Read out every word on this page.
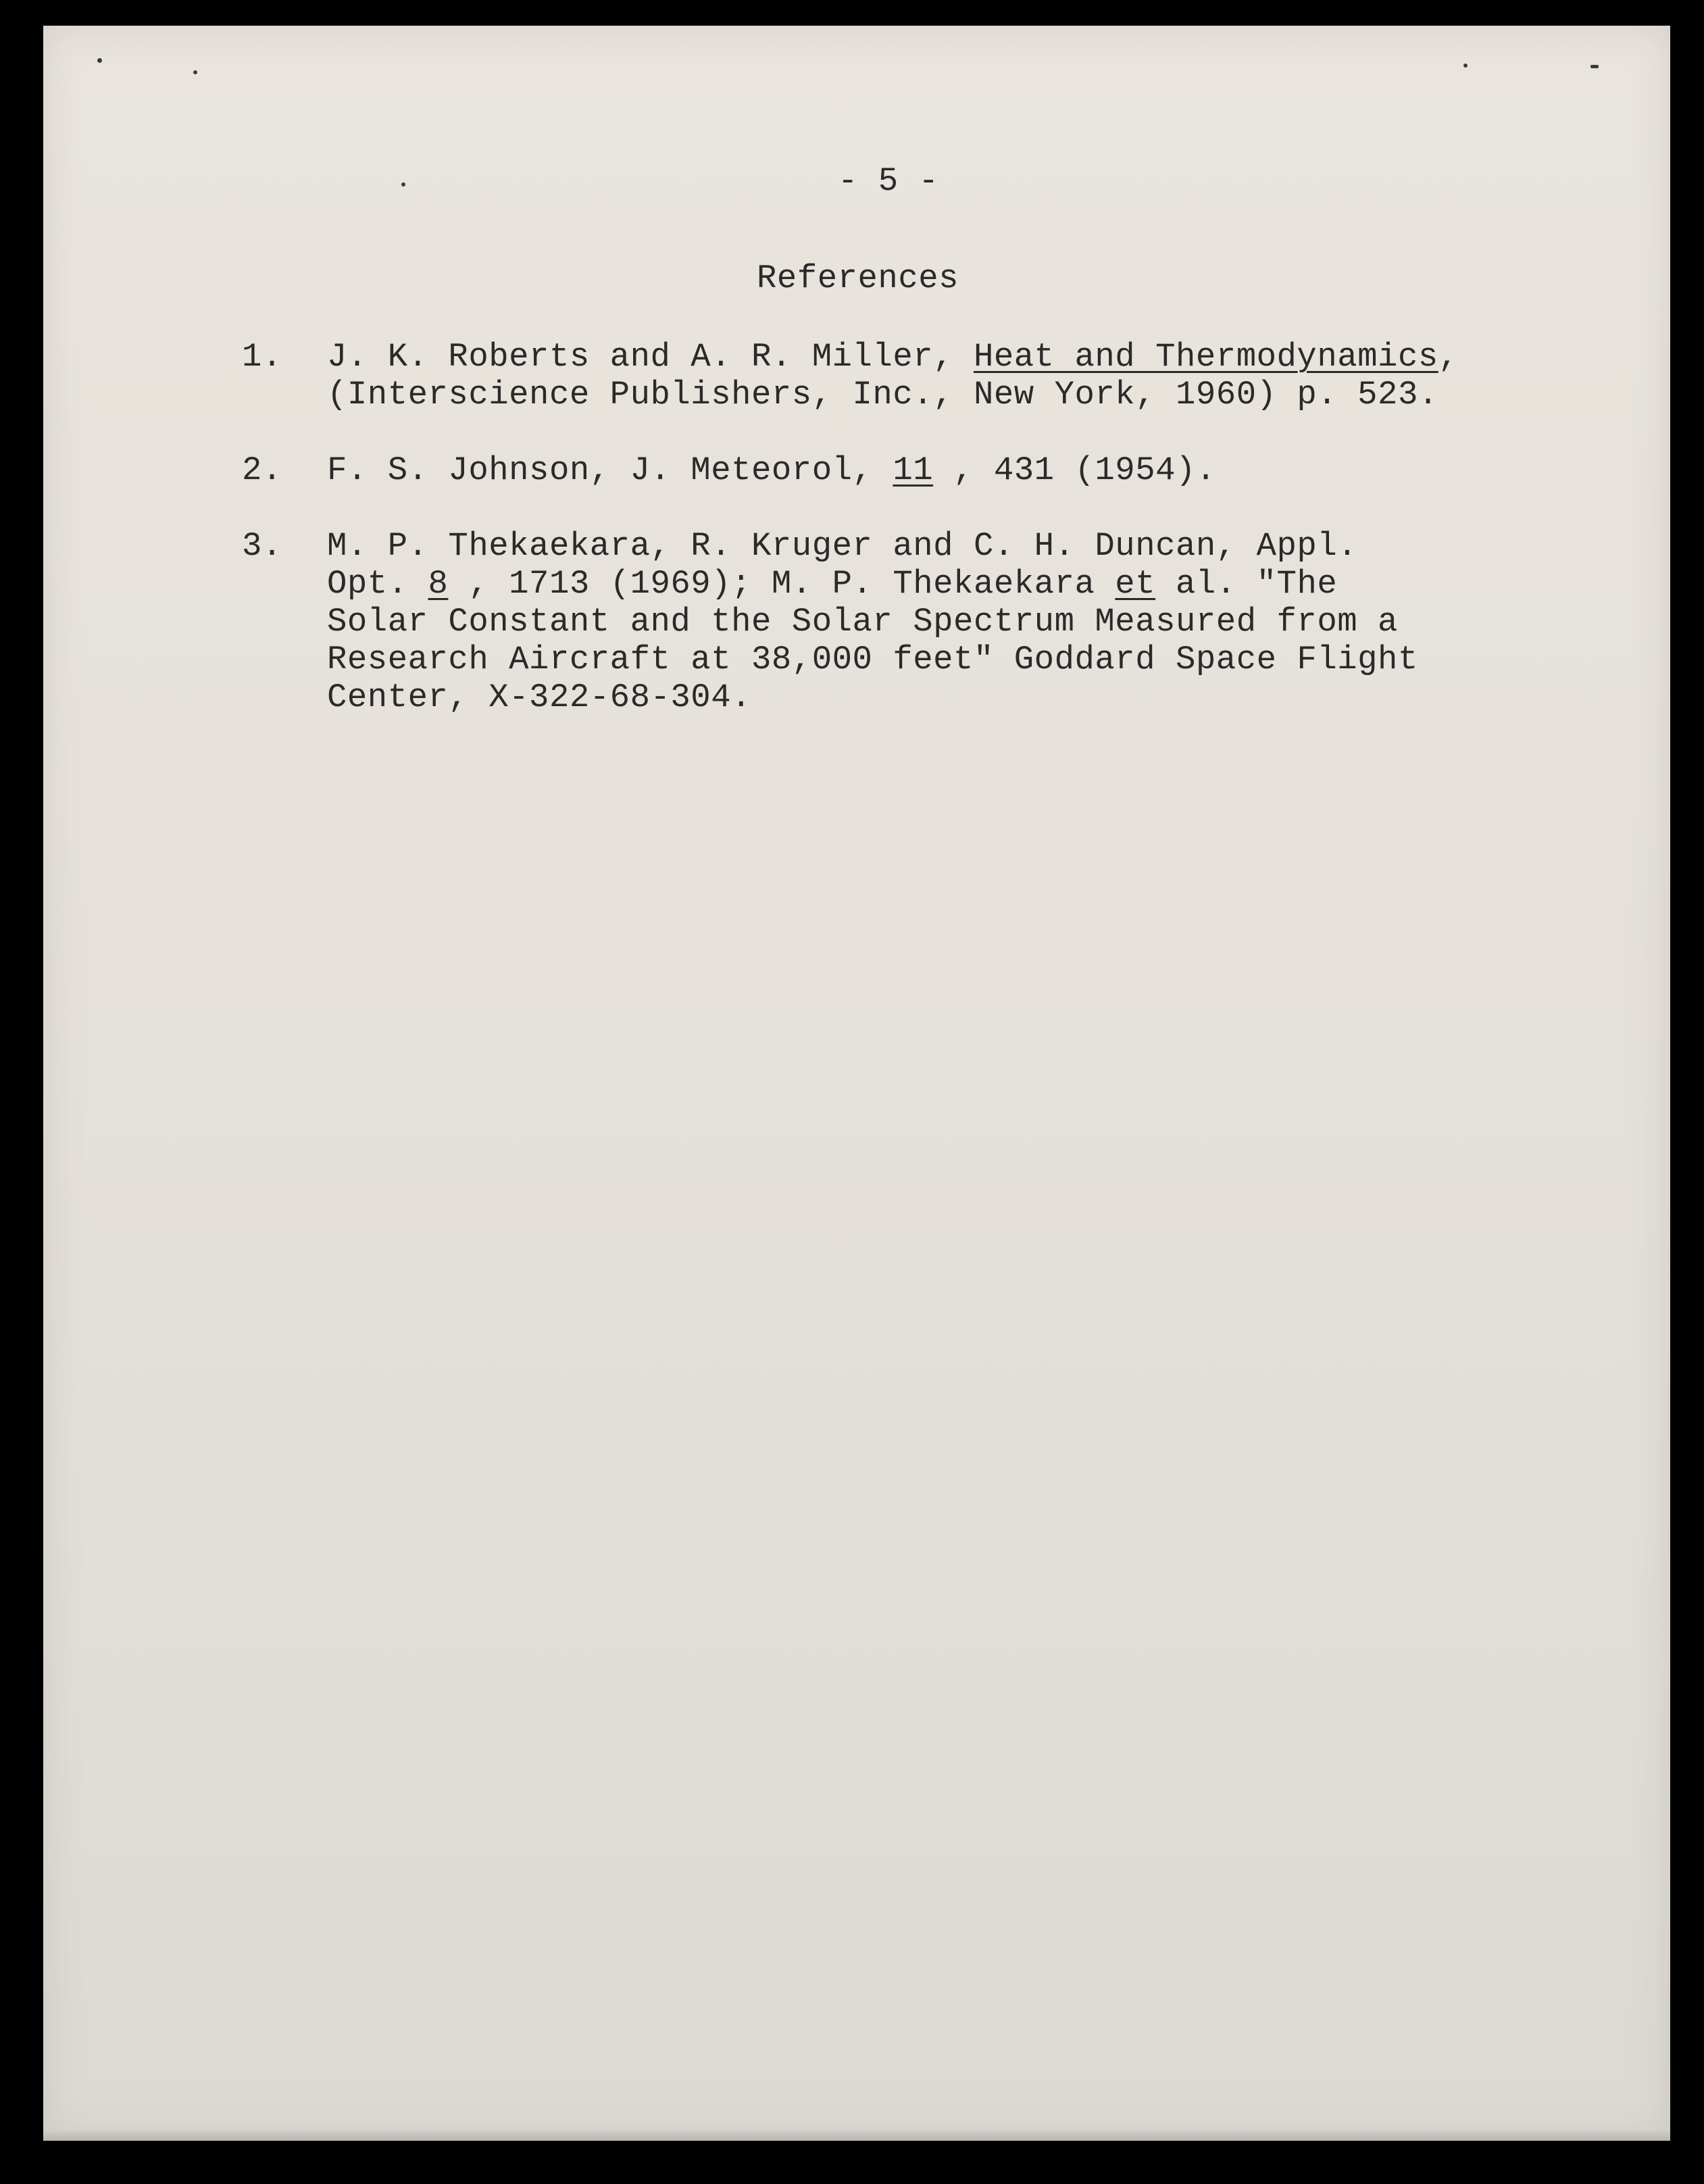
- 5 -
References
1. J. K. Roberts and A. R. Miller, Heat and Thermodynamics,
(Interscience Publishers, Inc., New York, 1960) p. 523.
2. F. S. Johnson, J. Meteorol, 11 , 431 (1954).
3. M. P. Thekaekara, R. Kruger and C. H. Duncan, Appl.
Opt. 8 , 1713 (1969); M. P. Thekaekara et al. "The
Solar Constant and the Solar Spectrum Measured from a
Research Aircraft at 38,000 feet" Goddard Space Flight
Center, X-322-68-304.
